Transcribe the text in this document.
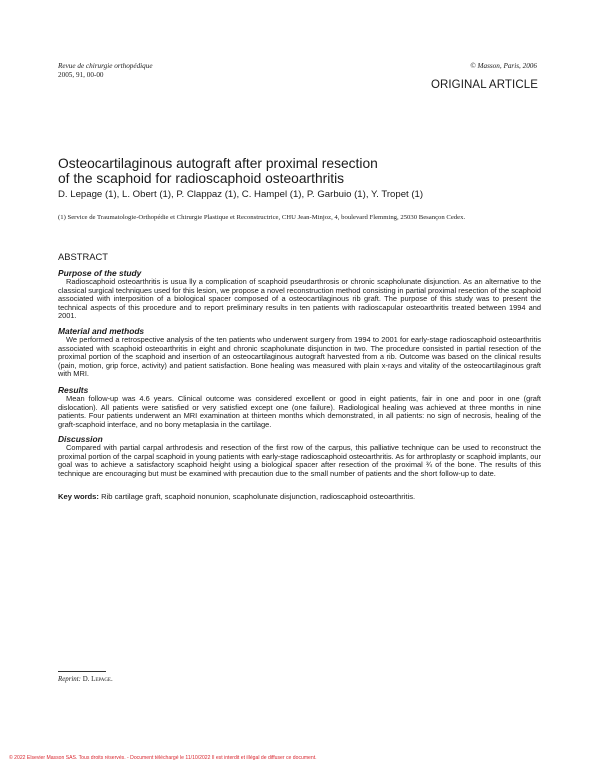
Revue de chirurgie orthopédique
2005, 91, 00-00
© Masson, Paris, 2006
ORIGINAL ARTICLE
Osteocartilaginous autograft after proximal resection
of the scaphoid for radioscaphoid osteoarthritis
D. Lepage (1), L. Obert (1), P. Clappaz (1), C. Hampel (1), P. Garbuio (1), Y. Tropet (1)
(1) Service de Traumatologie-Orthopédie et Chirurgie Plastique et Reconstructrice, CHU Jean-Minjoz, 4, boulevard Flemming, 25030 Besançon Cedex.
ABSTRACT

Purpose of the study

Radioscaphoid osteoarthritis is usua lly a complication of scaphoid pseudarthrosis or chronic scapholunate disjunction. As an alternative to the classical surgical techniques used for this lesion, we propose a novel reconstruction method consisting in partial proximal resection of the scaphoid associated with interposition of a biological spacer composed of a osteocartilaginous rib graft. The purpose of this study was to present the technical aspects of this procedure and to report preliminary results in ten patients with radioscapular osteoarthritis treated between 1994 and 2001.

Material and methods

We performed a retrospective analysis of the ten patients who underwent surgery from 1994 to 2001 for early-stage radioscaphoid osteoarthritis associated with scaphoid osteoarthritis in eight and chronic scapholunate disjunction in two. The procedure consisted in partial resection of the proximal portion of the scaphoid and insertion of an osteocartilaginous autograft harvested from a rib. Outcome was based on the clinical results (pain, motion, grip force, activity) and patient satisfaction. Bone healing was measured with plain x-rays and vitality of the osteocartilaginous graft with MRI.

Results

Mean follow-up was 4.6 years. Clinical outcome was considered excellent or good in eight patients, fair in one and poor in one (graft dislocation). All patients were satisfied or very satisfied except one (one failure). Radiological healing was achieved at three months in nine patients. Four patients underwent an MRI examination at thirteen months which demonstrated, in all patients: no sign of necrosis, healing of the graft-scaphoid interface, and no bony metaplasia in the cartilage.

Discussion

Compared with partial carpal arthrodesis and resection of the first row of the carpus, this palliative technique can be used to reconstruct the proximal portion of the carpal scaphoid in young patients with early-stage radioscaphoid osteoarthritis. As for arthroplasty or scaphoid implants, our goal was to achieve a satisfactory scaphoid height using a biological spacer after resection of the proximal ¾ of the bone. The results of this technique are encouraging but must be examined with precaution due to the small number of patients and the short follow-up to date.

Key words: Rib cartilage graft, scaphoid nonunion, scapholunate disjunction, radioscaphoid osteoarthritis.
Reprint: D. Lepage.
© 2022 Elsevier Masson SAS. Tous droits réservés. - Document téléchargé le 11/10/2022 Il est interdit et illégal de diffuser ce document.
